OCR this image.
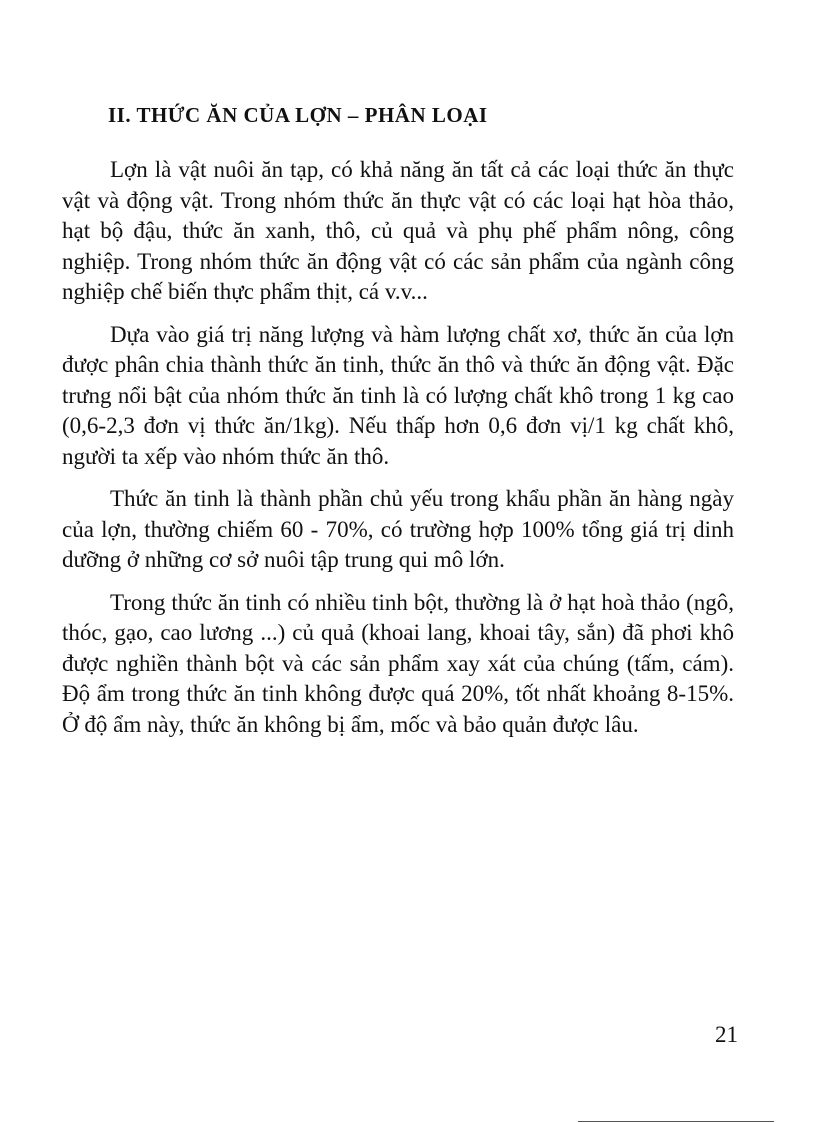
II. THỨC ĂN CỦA LỢN – PHÂN LOẠI

Lợn là vật nuôi ăn tạp, có khả năng ăn tất cả các loại thức ăn thực vật và động vật. Trong nhóm thức ăn thực vật có các loại hạt hòa thảo, hạt bộ đậu, thức ăn xanh, thô, củ quả và phụ phế phẩm nông, công nghiệp. Trong nhóm thức ăn động vật có các sản phẩm của ngành công nghiệp chế biến thực phẩm thịt, cá v.v...

Dựa vào giá trị năng lượng và hàm lượng chất xơ, thức ăn của lợn được phân chia thành thức ăn tinh, thức ăn thô và thức ăn động vật. Đặc trưng nổi bật của nhóm thức ăn tinh là có lượng chất khô trong 1 kg cao (0,6-2,3 đơn vị thức ăn/1kg). Nếu thấp hơn 0,6 đơn vị/1 kg chất khô, người ta xếp vào nhóm thức ăn thô.

Thức ăn tinh là thành phần chủ yếu trong khẩu phần ăn hàng ngày của lợn, thường chiếm 60 - 70%, có trường hợp 100% tổng giá trị dinh dưỡng ở những cơ sở nuôi tập trung qui mô lớn.

Trong thức ăn tinh có nhiều tinh bột, thường là ở hạt hoà thảo (ngô, thóc, gạo, cao lương ...) củ quả (khoai lang, khoai tây, sắn) đã phơi khô được nghiền thành bột và các sản phẩm xay xát của chúng (tấm, cám). Độ ẩm trong thức ăn tinh không được quá 20%, tốt nhất khoảng 8-15%. Ở độ ẩm này, thức ăn không bị ẩm, mốc và bảo quản được lâu.

21
